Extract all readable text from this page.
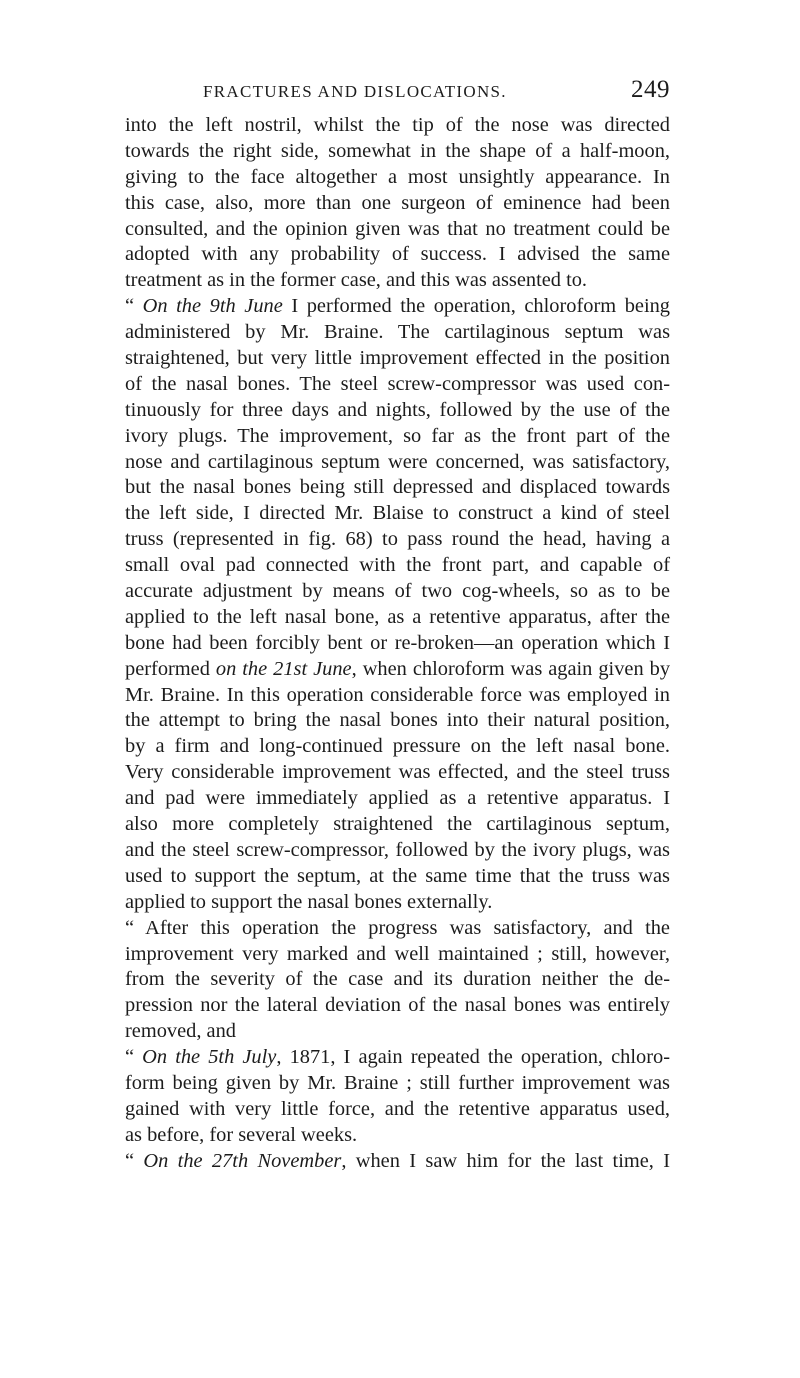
FRACTURES AND DISLOCATIONS.	249
into the left nostril, whilst the tip of the nose was directed
towards the right side, somewhat in the shape of a half-moon,
giving to the face altogether a most unsightly appearance. In
this case, also, more than one surgeon of eminence had been
consulted, and the opinion given was that no treatment could be
adopted with any probability of success. I advised the same
treatment as in the former case, and this was assented to.
“ On the 9th June I performed the operation, chloroform being
administered by Mr. Braine. The cartilaginous septum was
straightened, but very little improvement effected in the position
of the nasal bones. The steel screw-compressor was used con-
tinuously for three days and nights, followed by the use of the
ivory plugs. The improvement, so far as the front part of the
nose and cartilaginous septum were concerned, was satisfactory,
but the nasal bones being still depressed and displaced towards
the left side, I directed Mr. Blaise to construct a kind of steel
truss (represented in fig. 68) to pass round the head, having a
small oval pad connected with the front part, and capable of
accurate adjustment by means of two cog-wheels, so as to be
applied to the left nasal bone, as a retentive apparatus, after the
bone had been forcibly bent or re-broken—an operation which I
performed on the 21st June, when chloroform was again given by
Mr. Braine. In this operation considerable force was employed in
the attempt to bring the nasal bones into their natural position,
by a firm and long-continued pressure on the left nasal bone.
Very considerable improvement was effected, and the steel truss
and pad were immediately applied as a retentive apparatus. I
also more completely straightened the cartilaginous septum,
and the steel screw-compressor, followed by the ivory plugs, was
used to support the septum, at the same time that the truss was
applied to support the nasal bones externally.
“ After this operation the progress was satisfactory, and the
improvement very marked and well maintained ; still, however,
from the severity of the case and its duration neither the de-
pression nor the lateral deviation of the nasal bones was entirely
removed, and
“ On the 5th July, 1871, I again repeated the operation, chloro-
form being given by Mr. Braine ; still further improvement was
gained with very little force, and the retentive apparatus used,
as before, for several weeks.
“ On the 27th November, when I saw him for the last time, I
